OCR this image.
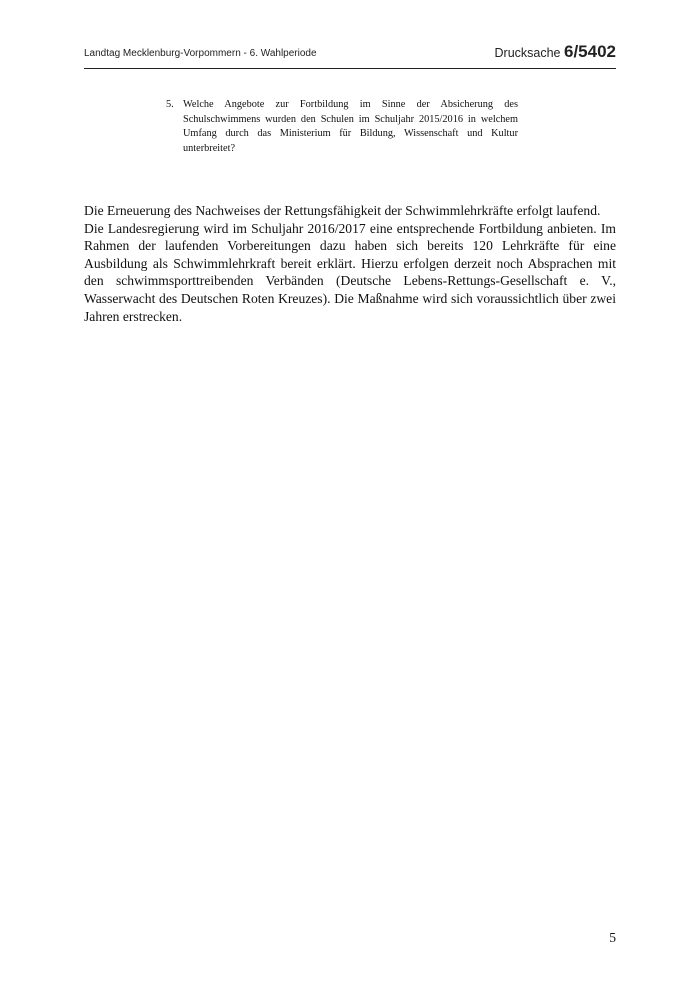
Landtag Mecklenburg-Vorpommern - 6. Wahlperiode	Drucksache 6/5402
5. Welche Angebote zur Fortbildung im Sinne der Absicherung des Schulschwimmens wurden den Schulen im Schuljahr 2015/2016 in welchem Umfang durch das Ministerium für Bildung, Wissenschaft und Kultur unterbreitet?

Die Erneuerung des Nachweises der Rettungsfähigkeit der Schwimmlehrkräfte erfolgt laufend.

Die Landesregierung wird im Schuljahr 2016/2017 eine entsprechende Fortbildung anbieten. Im Rahmen der laufenden Vorbereitungen dazu haben sich bereits 120 Lehrkräfte für eine Ausbildung als Schwimmlehrkraft bereit erklärt. Hierzu erfolgen derzeit noch Absprachen mit den schwimmsporttreibenden Verbänden (Deutsche Lebens-Rettungs-Gesellschaft e. V., Wasserwacht des Deutschen Roten Kreuzes). Die Maßnahme wird sich voraussichtlich über zwei Jahren erstrecken.

5
